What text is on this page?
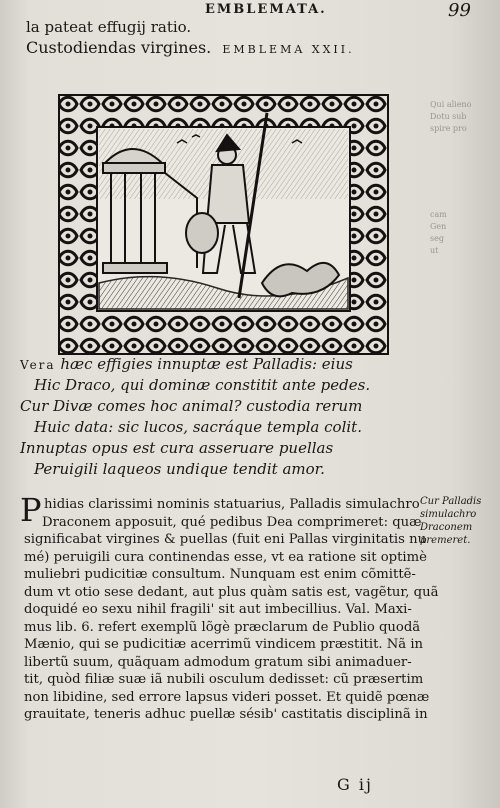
EMBLEMATA.	99
Qui alieno
Dotu sub
spire pro
cam
Gen
seg
ut
la pateat effugij ratio.
Custodiendas virgines. EMBLEMA XXII.
Vera hæc effigies innuptæ est Palladis: eius
Hic Draco, qui dominæ constitit ante pedes.
Cur Divæ comes hoc animal? custodia rerum
Huic data: sic lucos, sacráque templa colit.
Innuptas opus est cura asseruare puellas
Peruigili laqueos undique tendit amor.
P hidias clarissimi nominis statuarius, Palladis simulachro
Draconem apposuit, qué pedibus Dea comprimeret: quæ
significabat virgines & puellas (fuit eni Pallas virginitatis nu
mé) peruigili cura continendas esse, vt ea ratione sit optimè
muliebri pudicitiæ consultum. Nunquam est enim cõmittẽ-
dum vt otio sese dedant, aut plus quàm satis est, vagẽtur, quã
doquidé eo sexu nihil fragili' sit aut imbecillius. Val. Maxi-
mus lib. 6. refert exemplũ lõgè præclarum de Publio quodã
Mænio, qui se pudicitiæ acerrimũ vindicem præstitit. Nã in
libertũ suum, quãquam admodum gratum sibi animaduer-
tit, quòd filiæ suæ iã nubili osculum dedisset: cũ præsertim
non libidine, sed errore lapsus videri posset. Et quidẽ pœnæ
grauitate, teneris adhuc puellæ sésib' castitatis disciplinã in
Cur Palladis
simulachro
Draconem
premeret.
G ij
